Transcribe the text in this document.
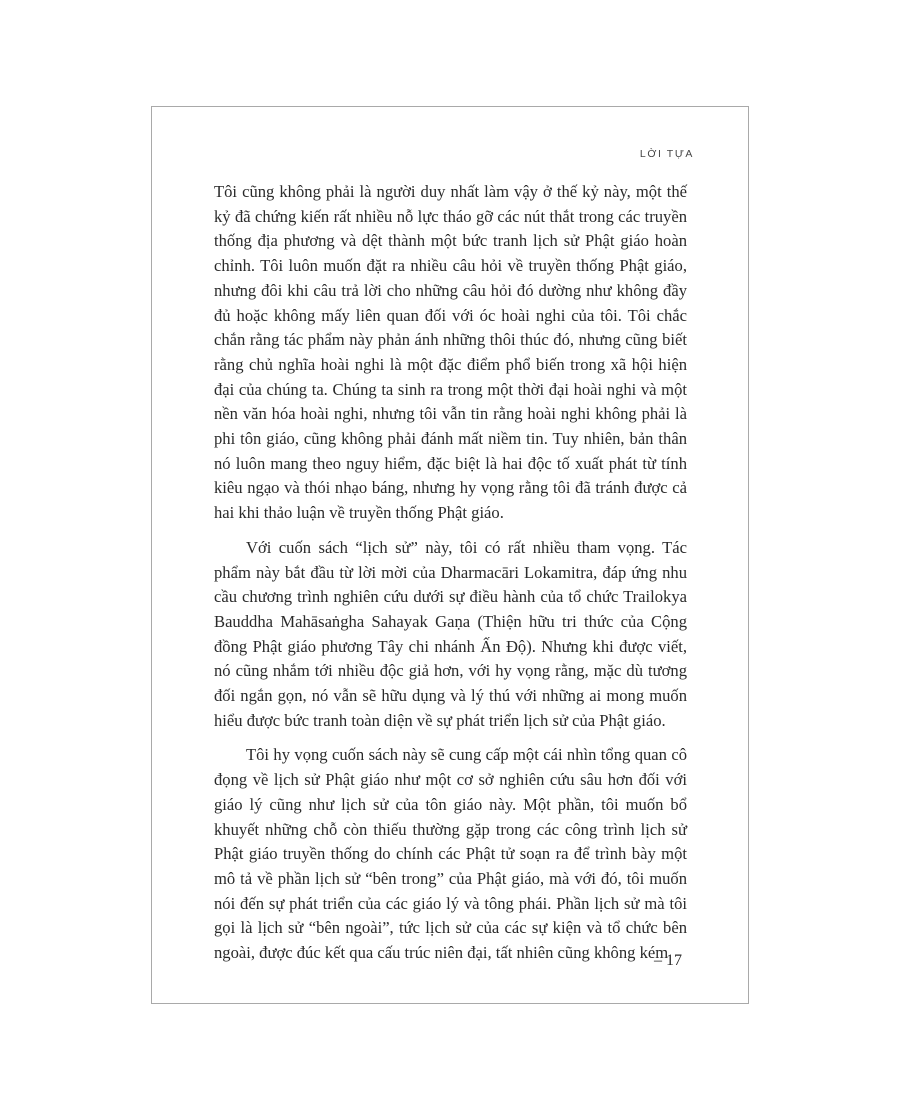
LỜI TỰA

Tôi cũng không phải là người duy nhất làm vậy ở thế kỷ này, một thế kỷ đã chứng kiến rất nhiều nỗ lực tháo gỡ các nút thắt trong các truyền thống địa phương và dệt thành một bức tranh lịch sử Phật giáo hoàn chỉnh. Tôi luôn muốn đặt ra nhiều câu hỏi về truyền thống Phật giáo, nhưng đôi khi câu trả lời cho những câu hỏi đó dường như không đầy đủ hoặc không mấy liên quan đối với óc hoài nghi của tôi. Tôi chắc chắn rằng tác phẩm này phản ánh những thôi thúc đó, nhưng cũng biết rằng chủ nghĩa hoài nghi là một đặc điểm phổ biến trong xã hội hiện đại của chúng ta. Chúng ta sinh ra trong một thời đại hoài nghi và một nền văn hóa hoài nghi, nhưng tôi vẫn tin rằng hoài nghi không phải là phi tôn giáo, cũng không phải đánh mất niềm tin. Tuy nhiên, bản thân nó luôn mang theo nguy hiểm, đặc biệt là hai độc tố xuất phát từ tính kiêu ngạo và thói nhạo báng, nhưng hy vọng rằng tôi đã tránh được cả hai khi thảo luận về truyền thống Phật giáo.

Với cuốn sách “lịch sử” này, tôi có rất nhiều tham vọng. Tác phẩm này bắt đầu từ lời mời của Dharmacāri Lokamitra, đáp ứng nhu cầu chương trình nghiên cứu dưới sự điều hành của tổ chức Trailokya Bauddha Mahāsaṅgha Sahayak Gaṇa (Thiện hữu tri thức của Cộng đồng Phật giáo phương Tây chi nhánh Ấn Độ). Nhưng khi được viết, nó cũng nhắm tới nhiều độc giả hơn, với hy vọng rằng, mặc dù tương đối ngắn gọn, nó vẫn sẽ hữu dụng và lý thú với những ai mong muốn hiểu được bức tranh toàn diện về sự phát triển lịch sử của Phật giáo.

Tôi hy vọng cuốn sách này sẽ cung cấp một cái nhìn tổng quan cô đọng về lịch sử Phật giáo như một cơ sở nghiên cứu sâu hơn đối với giáo lý cũng như lịch sử của tôn giáo này. Một phần, tôi muốn bổ khuyết những chỗ còn thiếu thường gặp trong các công trình lịch sử Phật giáo truyền thống do chính các Phật tử soạn ra để trình bày một mô tả về phần lịch sử “bên trong” của Phật giáo, mà với đó, tôi muốn nói đến sự phát triển của các giáo lý và tông phái. Phần lịch sử mà tôi gọi là lịch sử “bên ngoài”, tức lịch sử của các sự kiện và tổ chức bên ngoài, được đúc kết qua cấu trúc niên đại, tất nhiên cũng không kém

– 17
